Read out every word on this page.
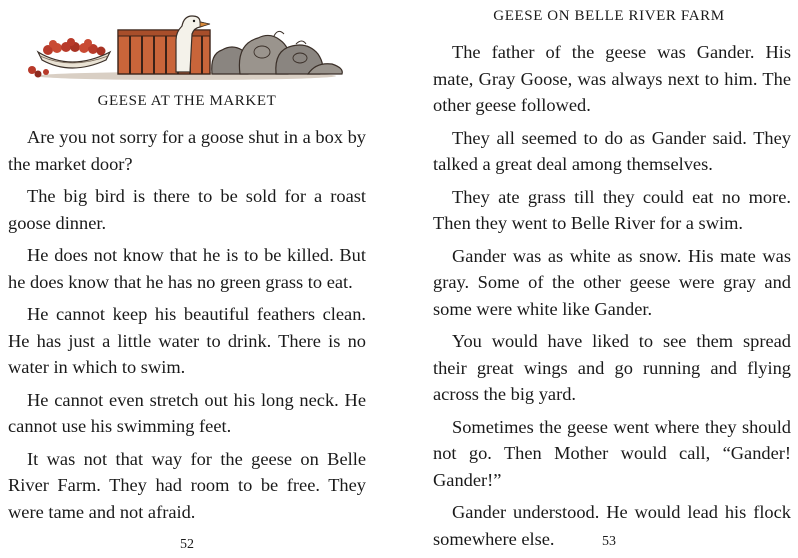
GEESE AT THE MARKET

Are you not sorry for a goose shut in a box by the market door?

The big bird is there to be sold for a roast goose dinner.

He does not know that he is to be killed. But he does know that he has no green grass to eat.

He cannot keep his beautiful feathers clean. He has just a little water to drink. There is no water in which to swim.

He cannot even stretch out his long neck. He cannot use his swimming feet.

It was not that way for the geese on Belle River Farm. They had room to be free. They were tame and not afraid.

52
GEESE ON BELLE RIVER FARM

The father of the geese was Gander. His mate, Gray Goose, was always next to him. The other geese followed.

They all seemed to do as Gander said. They talked a great deal among themselves.

They ate grass till they could eat no more. Then they went to Belle River for a swim.

Gander was as white as snow. His mate was gray. Some of the other geese were gray and some were white like Gander.

You would have liked to see them spread their great wings and go running and flying across the big yard.

Sometimes the geese went where they should not go. Then Mother would call, “Gander! Gander!”

Gander understood. He would lead his flock somewhere else.	53
